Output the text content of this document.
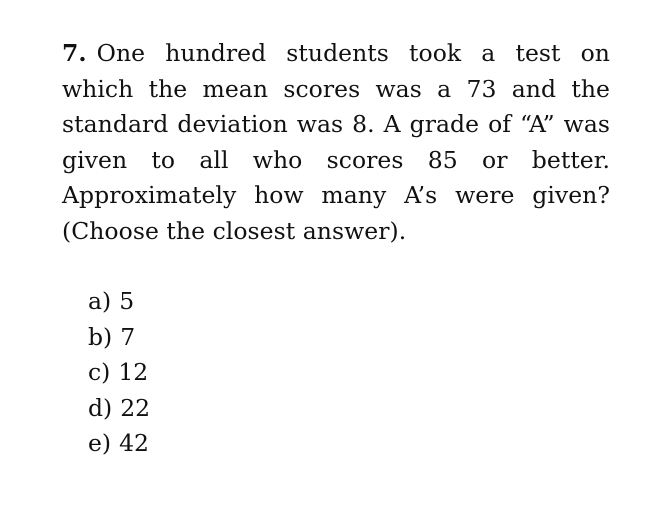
7. One hundred students took a test on which the mean scores was a 73 and the standard deviation was 8. A grade of “A” was given to all who scores 85 or better. Approximately how many A’s were given? (Choose the closest answer).
a) 5
b) 7
c) 12
d) 22
e) 42
